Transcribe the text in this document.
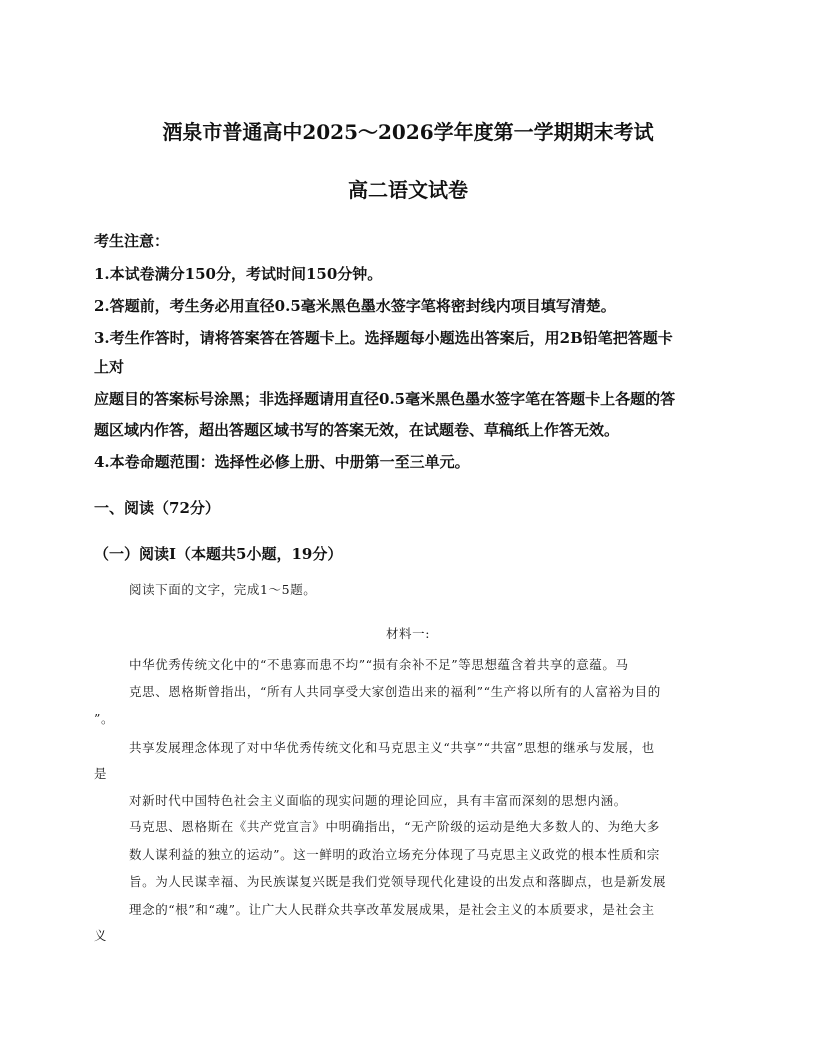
酒泉市普通高中2025～2026学年度第一学期期末考试
高二语文试卷
考生注意：
1.本试卷满分150分，考试时间150分钟。
2.答题前，考生务必用直径0.5毫米黑色墨水签字笔将密封线内项目填写清楚。
3.考生作答时，请将答案答在答题卡上。选择题每小题选出答案后，用2B铅笔把答题卡
上对
应题目的答案标号涂黑；非选择题请用直径0.5毫米黑色墨水签字笔在答题卡上各题的答
题区域内作答，超出答题区域书写的答案无效，在试题卷、草稿纸上作答无效。
4.本卷命题范围：选择性必修上册、中册第一至三单元。
一、阅读（72分）
（一）阅读Ⅰ（本题共5小题，19分）
阅读下面的文字，完成1～5题。
材料一:
中华优秀传统文化中的“不患寡而患不均”“损有余补不足”等思想蕴含着共享的意蕴。马
克思、恩格斯曾指出，“所有人共同享受大家创造出来的福利”“生产将以所有的人富裕为目的
”。
共享发展理念体现了对中华优秀传统文化和马克思主义“共享”“共富”思想的继承与发展，也
是
对新时代中国特色社会主义面临的现实问题的理论回应，具有丰富而深刻的思想内涵。
马克思、恩格斯在《共产党宣言》中明确指出，“无产阶级的运动是绝大多数人的、为绝大多
数人谋利益的独立的运动”。这一鲜明的政治立场充分体现了马克思主义政党的根本性质和宗
旨。为人民谋幸福、为民族谋复兴既是我们党领导现代化建设的出发点和落脚点，也是新发展
理念的“根”和“魂”。让广大人民群众共享改革发展成果，是社会主义的本质要求，是社会主
义
